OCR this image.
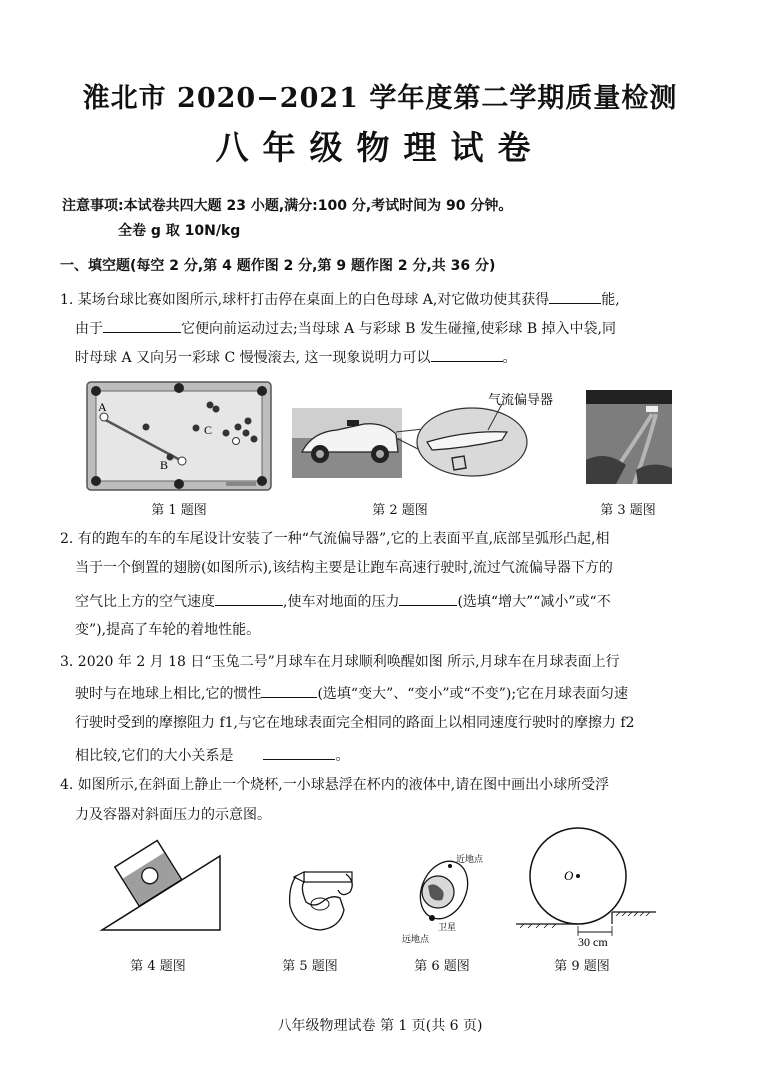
淮北市 2020−2021 学年度第二学期质量检测
八年级物理试卷
注意事项:本试卷共四大题 23 小题,满分:100 分,考试时间为 90 分钟。
全卷 g 取 10N/kg
一、填空题(每空 2 分,第 4 题作图 2 分,第 9 题作图 2 分,共 36 分)
1. 某场台球比赛如图所示,球杆打击停在桌面上的白色母球 A,对它做功使其获得	能,
由于	它便向前运动过去;当母球 A 与彩球 B 发生碰撞,使彩球 B 掉入中袋,同
时母球 A 又向另一彩球 C 慢慢滚去, 这一现象说明力可以	。
A
B
C
第 1 题图
气流偏导器
第 2 题图	第 3 题图
2. 有的跑车的车的车尾设计安装了一种“气流偏导器”,它的上表面平直,底部呈弧形凸起,相
当于一个倒置的翅膀(如图所示),该结构主要是让跑车高速行驶时,流过气流偏导器下方的
空气比上方的空气速度	,使车对地面的压力	(选填“增大”“减小”或“不
变”),提高了车轮的着地性能。
3. 2020 年 2 月 18 日“玉兔二号”月球车在月球顺利唤醒如图 所示,月球车在月球表面上行
驶时与在地球上相比,它的惯性	(选填“变大”、“变小”或“不变”);它在月球表面匀速
行驶时受到的摩擦阻力 f1,与它在地球表面完全相同的路面上以相同速度行驶时的摩擦力 f2
相比较,它们的大小关系是	。
4. 如图所示,在斜面上静止一个烧杯,一小球悬浮在杯内的液体中,请在图中画出小球所受浮
力及容器对斜面压力的示意图。
第 4 题图	第 5 题图
近地点
卫星
远地点
第 6 题图
O
30 cm
第 9 题图
八年级物理试卷 第 1 页(共 6 页)
